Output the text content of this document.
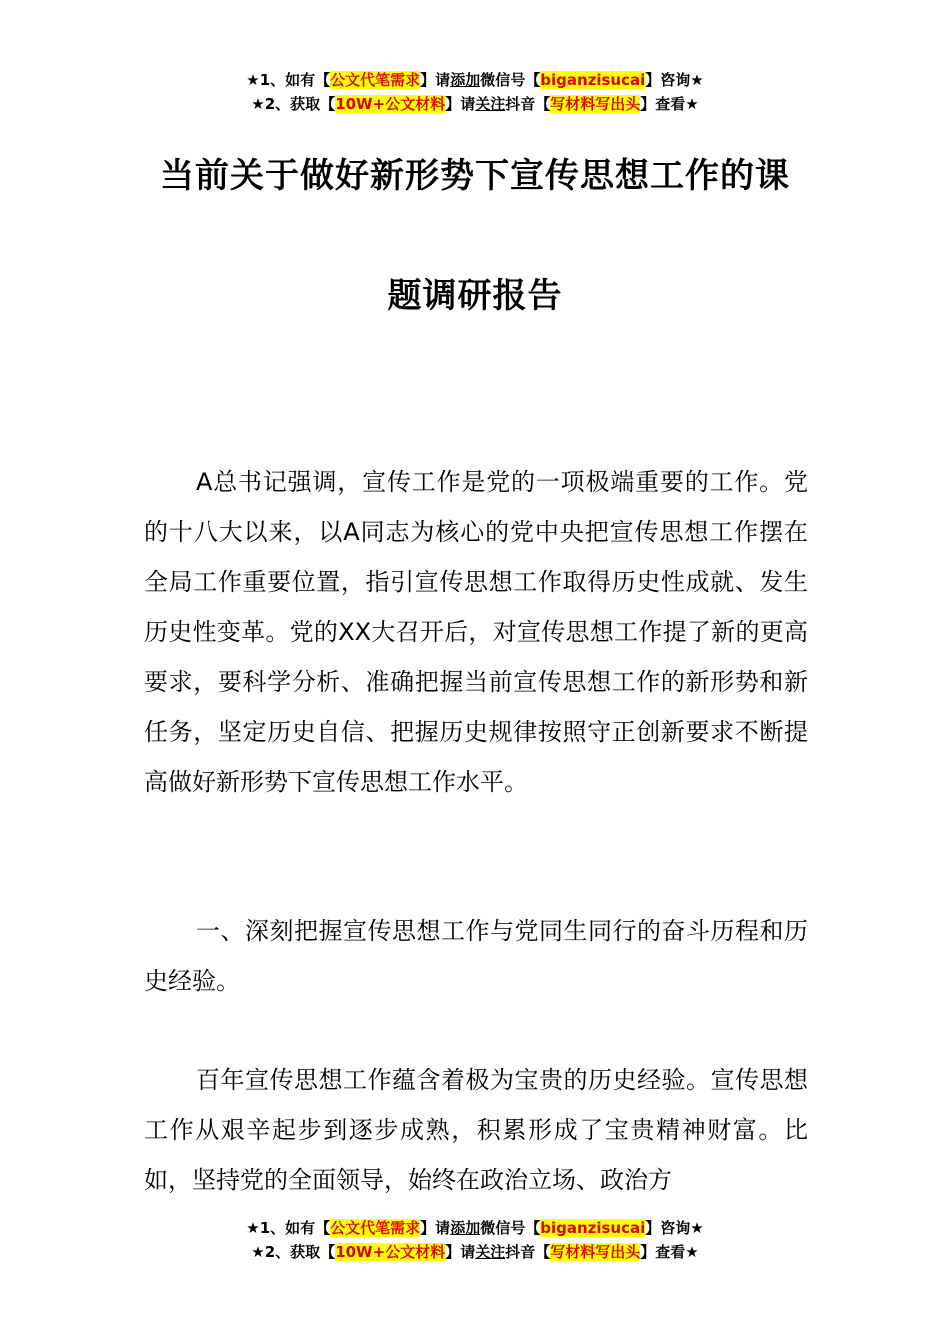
★1、如有【公文代笔需求】请添加微信号【biganzisucai】咨询★
★2、获取【10W+公文材料】请关注抖音【写材料写出头】查看★
当前关于做好新形势下宣传思想工作的课
题调研报告
A总书记强调，宣传工作是党的一项极端重要的工作。党的十八大以来，以A同志为核心的党中央把宣传思想工作摆在全局工作重要位置，指引宣传思想工作取得历史性成就、发生历史性变革。党的XX大召开后，对宣传思想工作提了新的更高要求，要科学分析、准确把握当前宣传思想工作的新形势和新任务，坚定历史自信、把握历史规律按照守正创新要求不断提高做好新形势下宣传思想工作水平。
一、深刻把握宣传思想工作与党同生同行的奋斗历程和历史经验。
百年宣传思想工作蕴含着极为宝贵的历史经验。宣传思想工作从艰辛起步到逐步成熟，积累形成了宝贵精神财富。比如，坚持党的全面领导，始终在政治立场、政治方
★1、如有【公文代笔需求】请添加微信号【biganzisucai】咨询★
★2、获取【10W+公文材料】请关注抖音【写材料写出头】查看★
